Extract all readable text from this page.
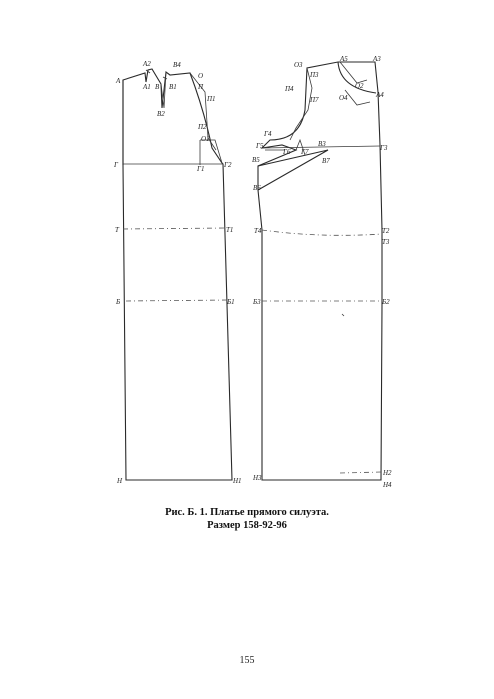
А
А2
А1 В В1
В2
В4
О
П
П1
П2
О1
Г	Г1	Г2
Т	Т1
Б	Б1
Н	Н1
О3
П4
А5	А3
О2
П3
П7
А4
О4
Г4
Г5
Г6 Г7
В3	Г3
В5	В7
В6
Т4	Т2
Т3
Б3	Б2
Н3
Н2
Н4
Рис. Б. 1. Платье прямого силуэта.
Размер 158-92-96
155
